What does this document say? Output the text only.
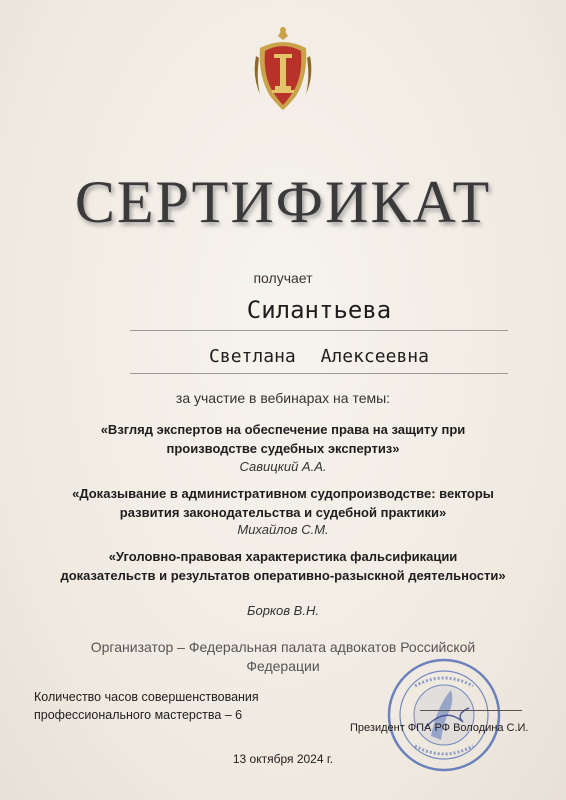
СЕРТИФИКАТ
получает
Силантьева
Светлана Алексеевна
за участие в вебинарах на темы:
«Взгляд экспертов на обеспечение права на защиту при производстве судебных экспертиз»
Савицкий А.А.
«Доказывание в административном судопроизводстве: векторы развития законодательства и судебной практики»
Михайлов С.М.
«Уголовно-правовая характеристика фальсификации доказательств и результатов оперативно-разыскной деятельности»
Борков В.Н.
Организатор – Федеральная палата адвокатов Российской Федерации
Количество часов совершенствования профессионального мастерства – 6
Президент ФПА РФ Володина С.И.
13 октября 2024 г.
